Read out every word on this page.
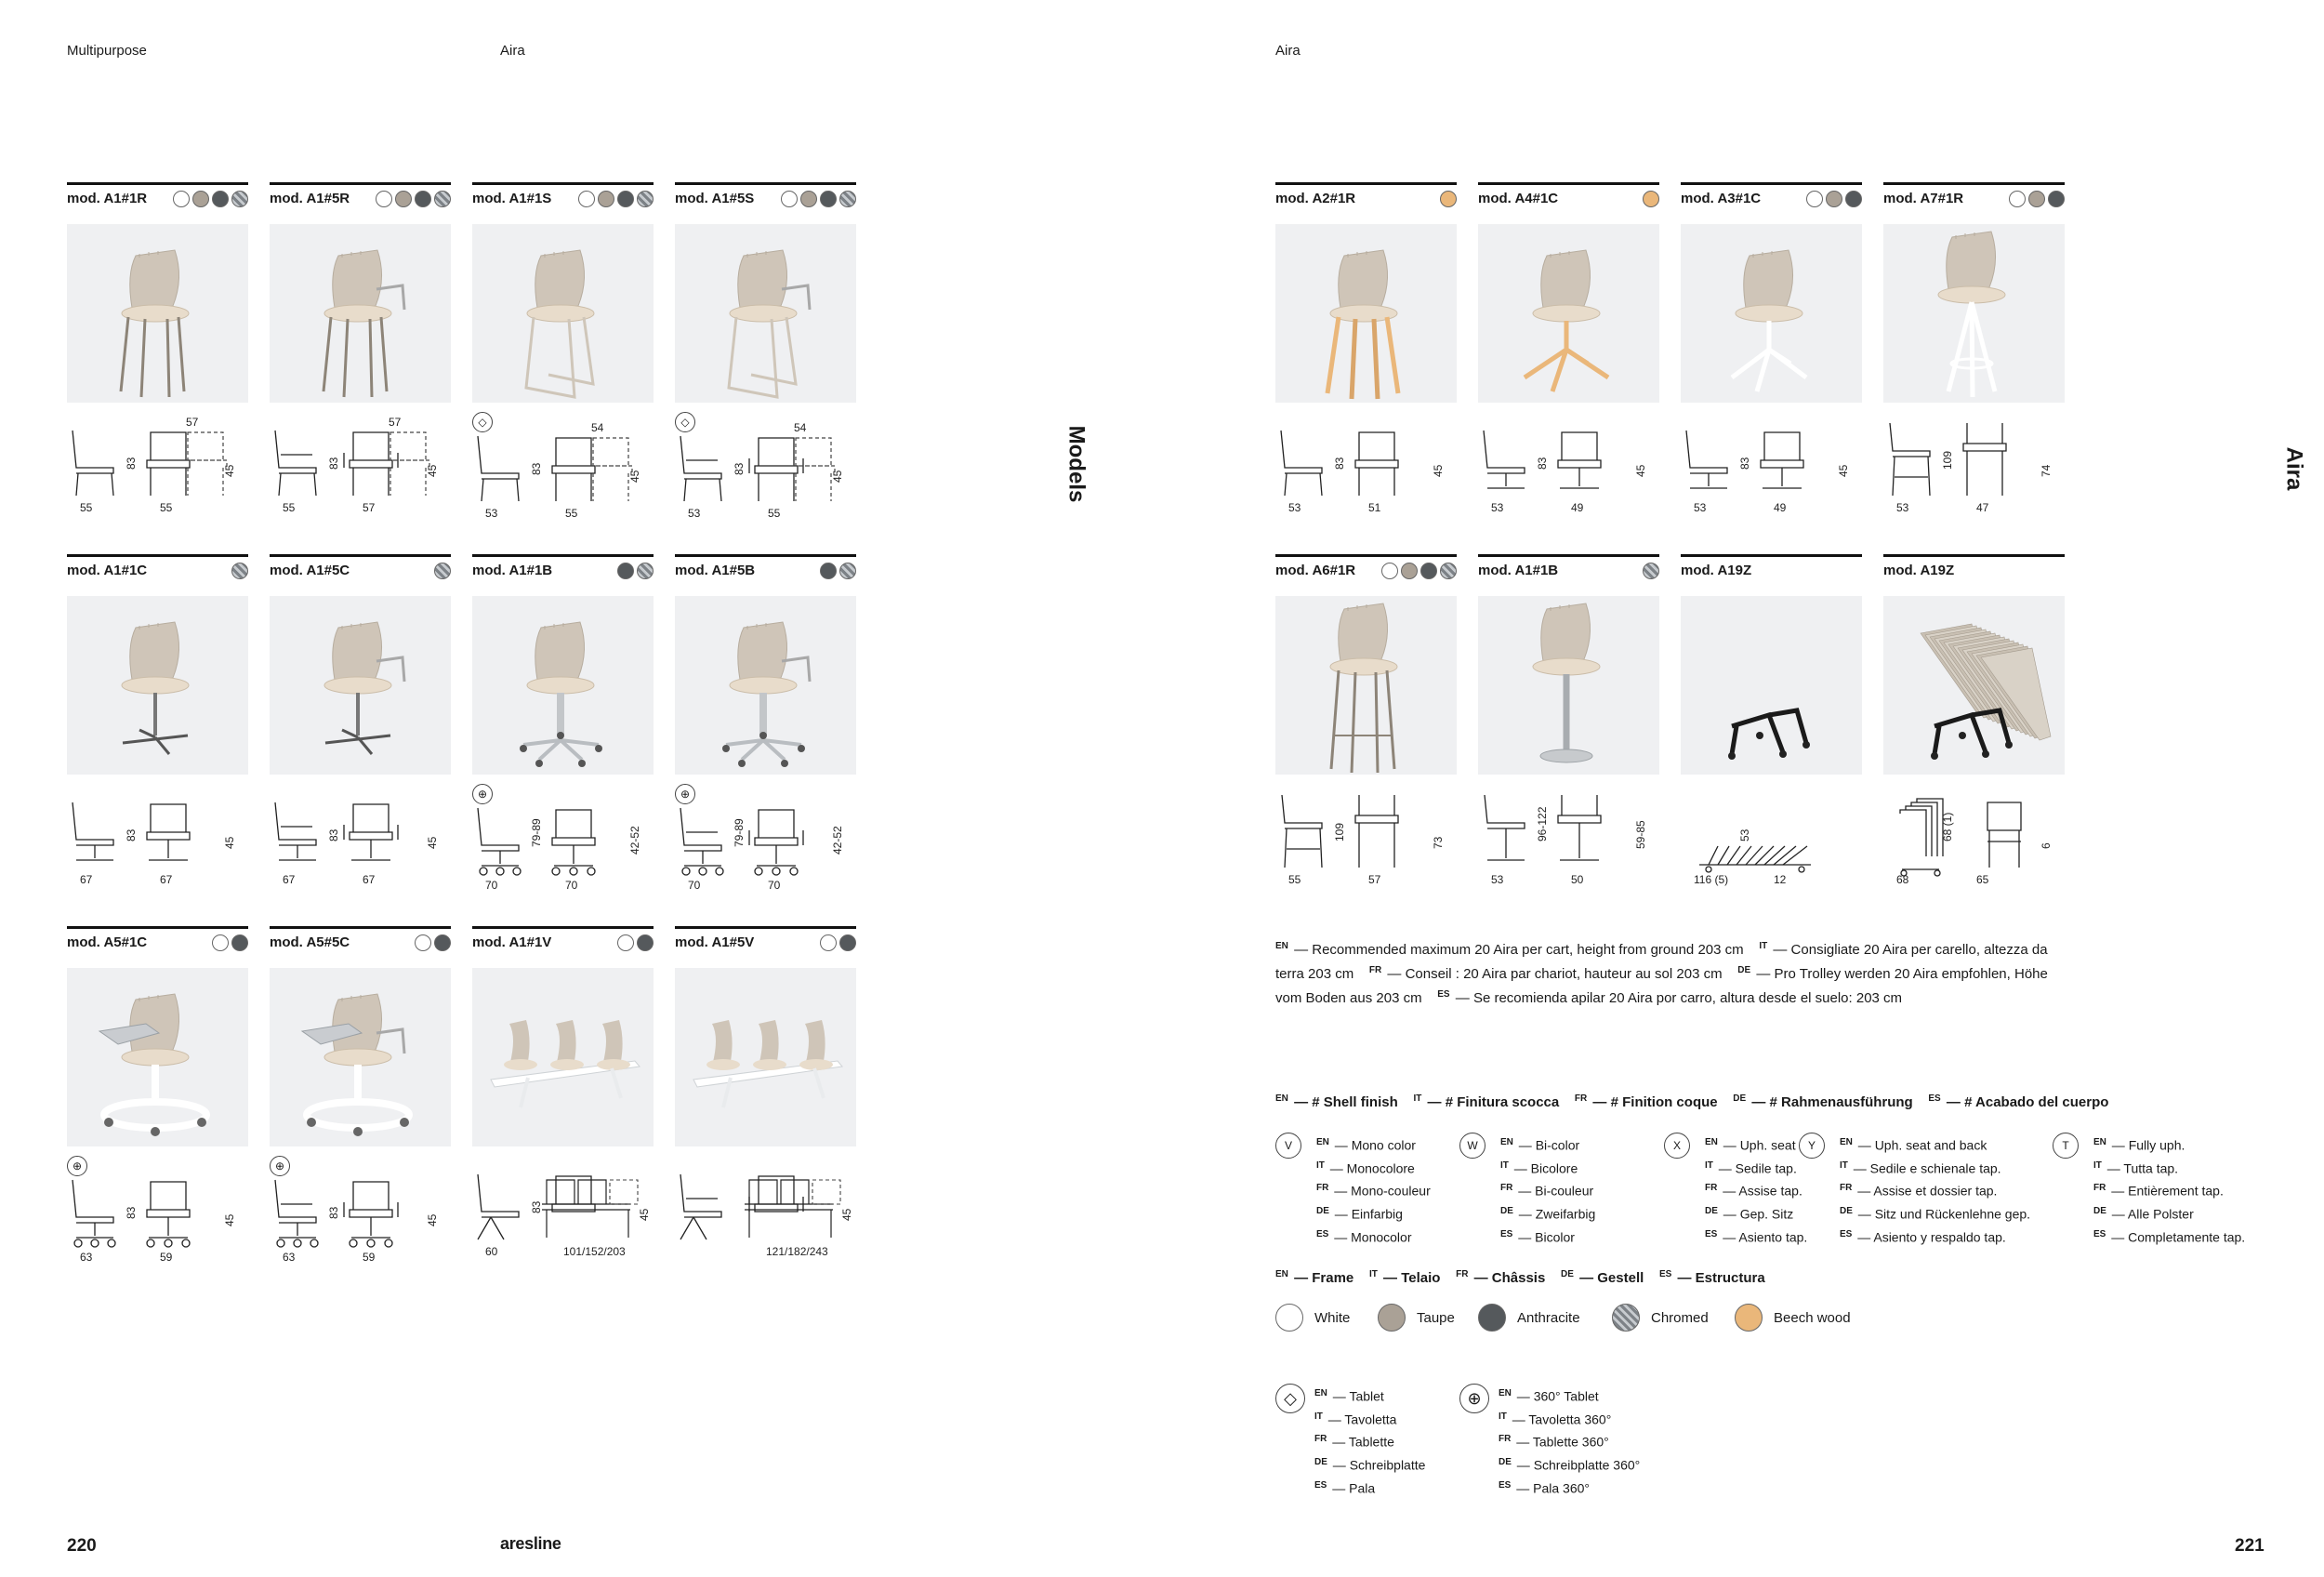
Multipurpose	Aira	Aira
Models	Aira
mod. A1#1R
55	55
57
83
45
mod. A1#5R
55	57
57
83
45
mod. A1#1S
◇
53	55
54
83
45
mod. A1#5S
◇
53	55
54
83
45
mod. A1#1C
67	67
83
45
mod. A1#5C
67	67
83
45
mod. A1#1B
⊕
70	70
79-89	42-52
mod. A1#5B
⊕
70	70
79-89	42-52
mod. A5#1C
⊕
63	59
83
45
mod. A5#5C
⊕
63	59
83
45
mod. A1#1V
60	101/152/203
83
45
mod. A1#5V
121/182/243
45
mod. A2#1R
53	51
83
45
mod. A4#1C
53	49
83
45
mod. A3#1C
53	49
83
45
mod. A7#1R
53	47
109
74
mod. A6#1R
55	57
109
73
mod. A1#1B
53	50
96-122	59-85
mod. A19Z
116 (5)	12
53
mod. A19Z
68	65
68 (1)
6
$^{EN}$ — Recommended maximum 20 Aira per cart, height from ground 203 cm $^{IT}$ — Consigliate 20 Aira per carello, altezza da terra 203 cm $^{FR}$ — Conseil : 20 Aira par chariot, hauteur au sol 203 cm $^{DE}$ — Pro Trolley werden 20 Aira empfohlen, Höhe vom Boden aus 203 cm $^{ES}$ — Se recomienda apilar 20 Aira por carro, altura desde el suelo: 203 cm
$^{EN}$ — # Shell finish $^{IT}$ — # Finitura scocca $^{FR}$ — # Finition coque $^{DE}$ — # Rahmenausführung $^{ES}$ — # Acabado del cuerpo
V	$^{EN}$ — Mono color
$^{IT}$ — Monocolore
$^{FR}$ — Mono-couleur
$^{DE}$ — Einfarbig
$^{ES}$ — Monocolor
W	$^{EN}$ — Bi-color
$^{IT}$ — Bicolore
$^{FR}$ — Bi-couleur
$^{DE}$ — Zweifarbig
$^{ES}$ — Bicolor
X	$^{EN}$ — Uph. seat
$^{IT}$ — Sedile tap.
$^{FR}$ — Assise tap.
$^{DE}$ — Gep. Sitz
$^{ES}$ — Asiento tap.
Y	$^{EN}$ — Uph. seat and back
$^{IT}$ — Sedile e schienale tap.
$^{FR}$ — Assise et dossier tap.
$^{DE}$ — Sitz und Rückenlehne gep.
$^{ES}$ — Asiento y respaldo tap.
T	$^{EN}$ — Fully uph.
$^{IT}$ — Tutta tap.
$^{FR}$ — Entièrement tap.
$^{DE}$ — Alle Polster
$^{ES}$ — Completamente tap.
$^{EN}$ — Frame $^{IT}$ — Telaio $^{FR}$ — Châssis $^{DE}$ — Gestell $^{ES}$ — Estructura
White	Taupe	Anthracite	Chromed	Beech wood
◇	$^{EN}$ — Tablet
$^{IT}$ — Tavoletta
$^{FR}$ — Tablette
$^{DE}$ — Schreibplatte
$^{ES}$ — Pala
⊕	$^{EN}$ — 360° Tablet
$^{IT}$ — Tavoletta 360°
$^{FR}$ — Tablette 360°
$^{DE}$ — Schreibplatte 360°
$^{ES}$ — Pala 360°
220	aresline	221
